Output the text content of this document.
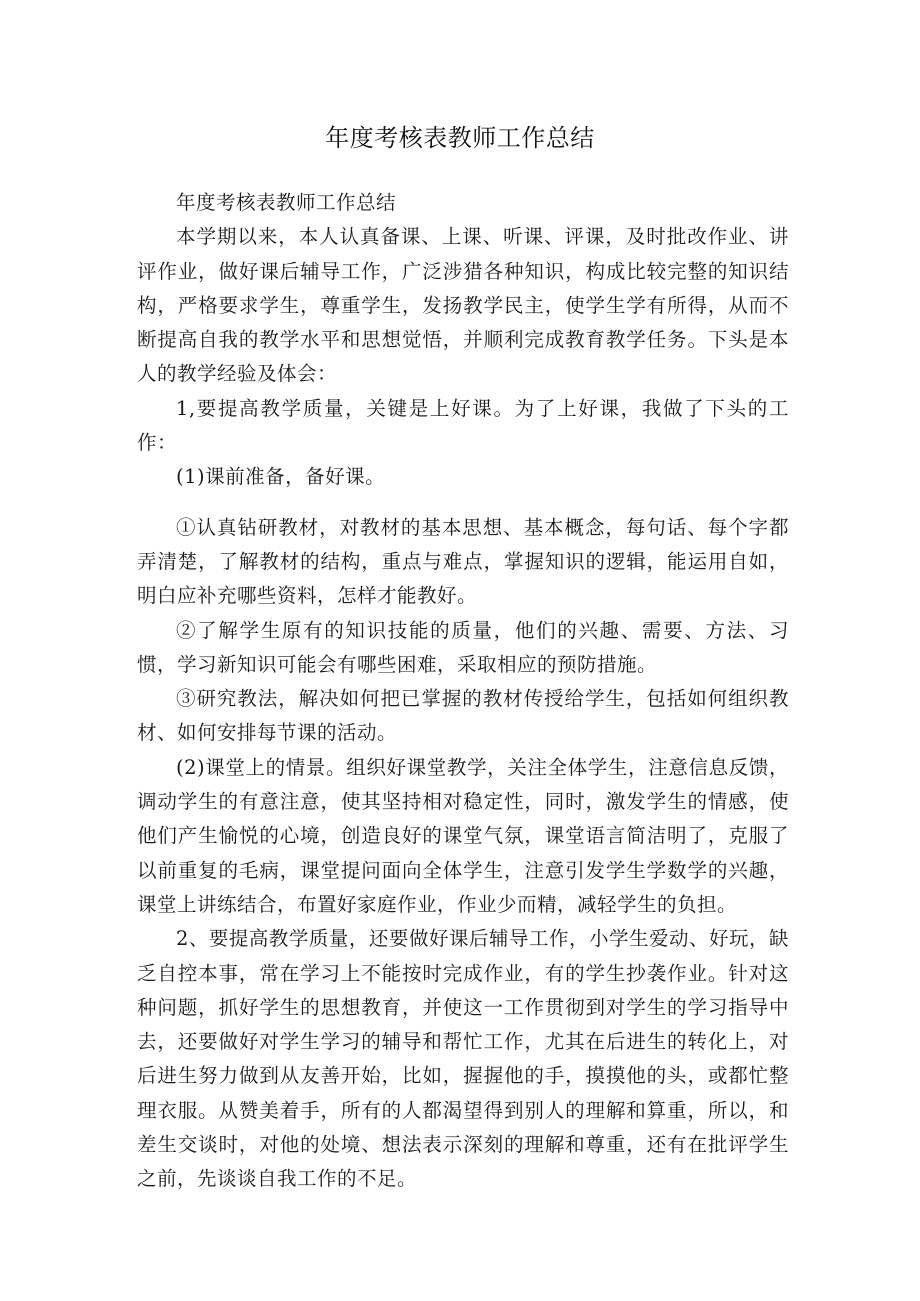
年度考核表教师工作总结

年度考核表教师工作总结

本学期以来，本人认真备课、上课、听课、评课，及时批改作业、讲评作业，做好课后辅导工作，广泛涉猎各种知识，构成比较完整的知识结构，严格要求学生，尊重学生，发扬教学民主，使学生学有所得，从而不断提高自我的教学水平和思想觉悟，并顺利完成教育教学任务。下头是本人的教学经验及体会：

1,要提高教学质量，关键是上好课。为了上好课，我做了下头的工作：

(1)课前准备，备好课。

①认真钻研教材，对教材的基本思想、基本概念，每句话、每个字都弄清楚，了解教材的结构，重点与难点，掌握知识的逻辑，能运用自如，明白应补充哪些资料，怎样才能教好。

②了解学生原有的知识技能的质量，他们的兴趣、需要、方法、习惯，学习新知识可能会有哪些困难，采取相应的预防措施。

③研究教法，解决如何把已掌握的教材传授给学生，包括如何组织教材、如何安排每节课的活动。

(2)课堂上的情景。组织好课堂教学，关注全体学生，注意信息反馈，调动学生的有意注意，使其坚持相对稳定性，同时，激发学生的情感，使他们产生愉悦的心境，创造良好的课堂气氛，课堂语言简洁明了，克服了以前重复的毛病，课堂提问面向全体学生，注意引发学生学数学的兴趣，课堂上讲练结合，布置好家庭作业，作业少而精，减轻学生的负担。

2、要提高教学质量，还要做好课后辅导工作，小学生爱动、好玩，缺乏自控本事，常在学习上不能按时完成作业，有的学生抄袭作业。针对这种问题，抓好学生的思想教育，并使这一工作贯彻到对学生的学习指导中去，还要做好对学生学习的辅导和帮忙工作，尤其在后进生的转化上，对后进生努力做到从友善开始，比如，握握他的手，摸摸他的头，或都忙整理衣服。从赞美着手，所有的人都渴望得到别人的理解和算重，所以，和差生交谈时，对他的处境、想法表示深刻的理解和尊重，还有在批评学生之前，先谈谈自我工作的不足。
